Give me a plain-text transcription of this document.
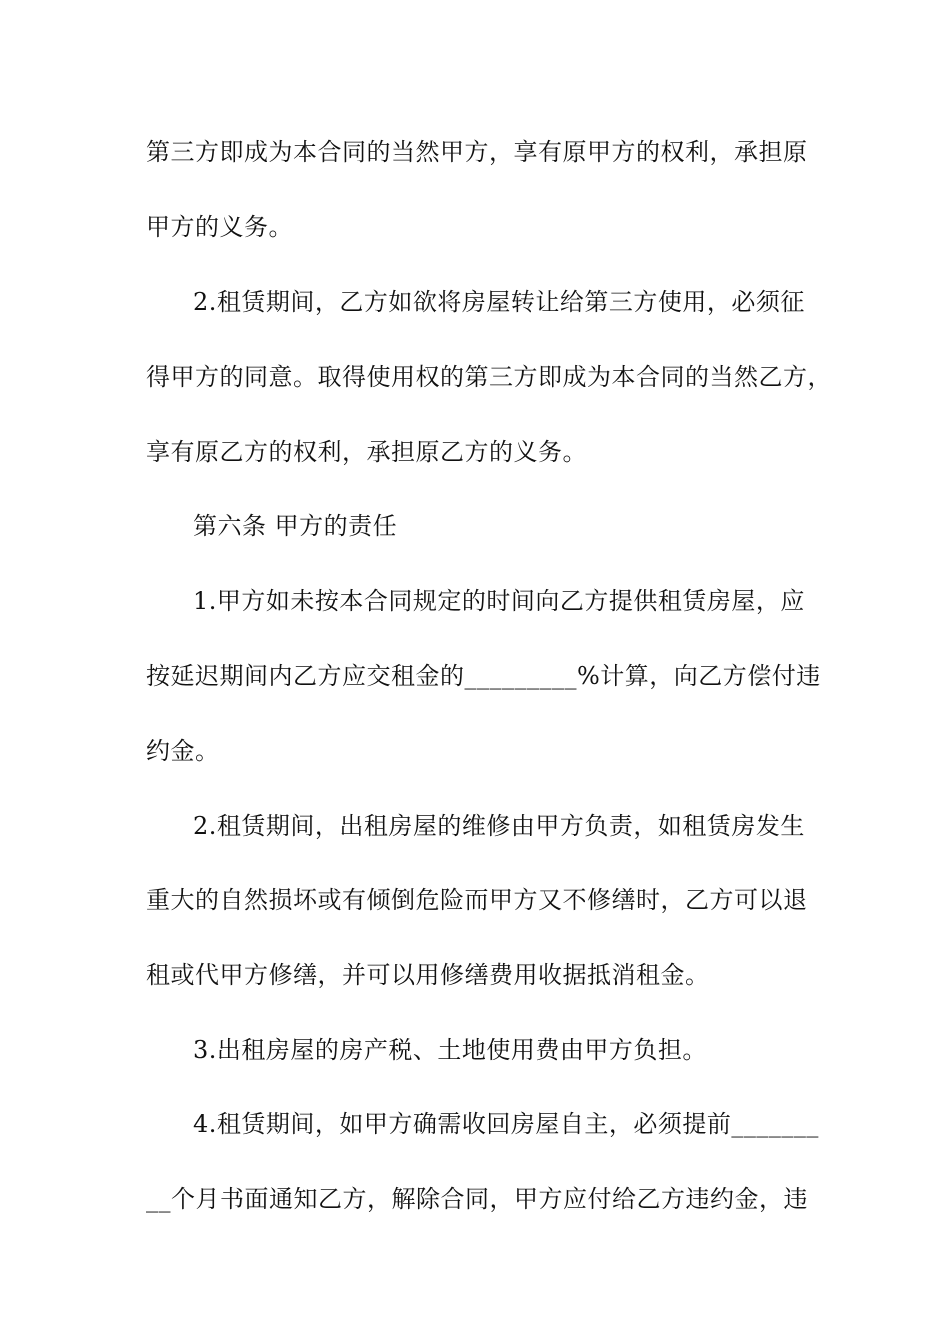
第三方即成为本合同的当然甲方，享有原甲方的权利，承担原
甲方的义务。
2.租赁期间，乙方如欲将房屋转让给第三方使用，必须征
得甲方的同意。取得使用权的第三方即成为本合同的当然乙方，
享有原乙方的权利，承担原乙方的义务。
第六条 甲方的责任
1.甲方如未按本合同规定的时间向乙方提供租赁房屋，应
按延迟期间内乙方应交租金的_________%计算，向乙方偿付违
约金。
2.租赁期间，出租房屋的维修由甲方负责，如租赁房发生
重大的自然损坏或有倾倒危险而甲方又不修缮时，乙方可以退
租或代甲方修缮，并可以用修缮费用收据抵消租金。
3.出租房屋的房产税、土地使用费由甲方负担。
4.租赁期间，如甲方确需收回房屋自主，必须提前_______
__个月书面通知乙方，解除合同，甲方应付给乙方违约金，违
